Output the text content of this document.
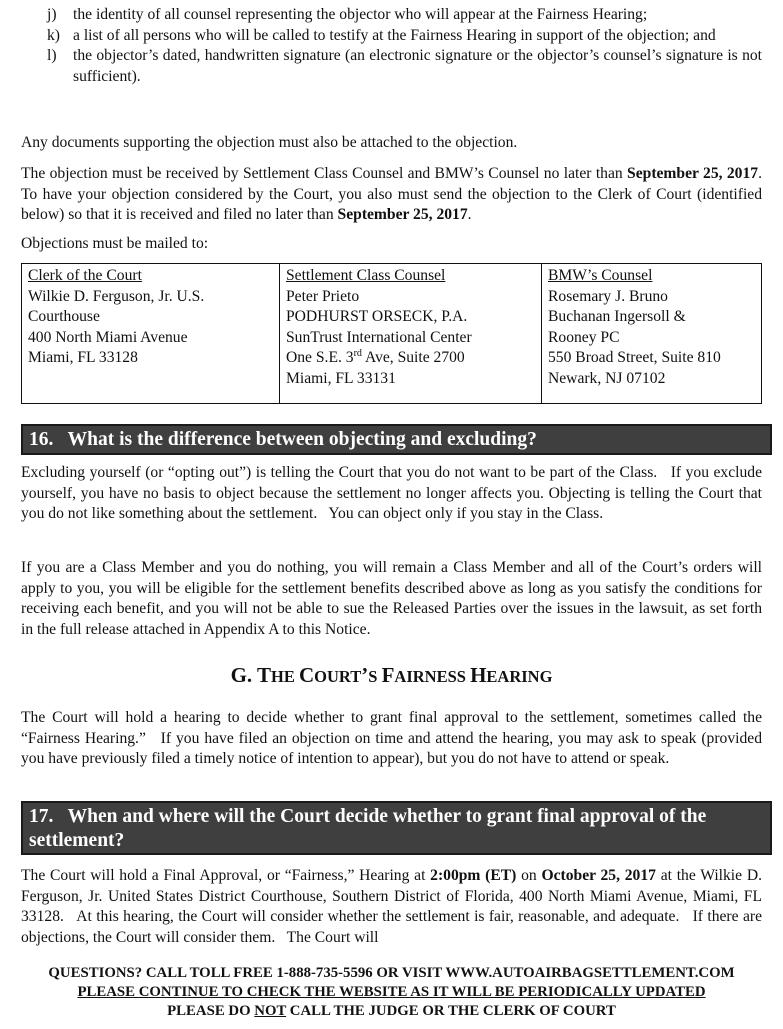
j) the identity of all counsel representing the objector who will appear at the Fairness Hearing;
k) a list of all persons who will be called to testify at the Fairness Hearing in support of the objection; and
l) the objector’s dated, handwritten signature (an electronic signature or the objector’s counsel’s signature is not sufficient).

Any documents supporting the objection must also be attached to the objection.

The objection must be received by Settlement Class Counsel and BMW’s Counsel no later than September 25, 2017. To have your objection considered by the Court, you also must send the objection to the Clerk of Court (identified below) so that it is received and filed no later than September 25, 2017.

Objections must be mailed to:

Clerk of the Court
Wilkie D. Ferguson, Jr. U.S.
Courthouse
400 North Miami Avenue
Miami, FL 33128
Settlement Class Counsel
Peter Prieto
PODHURST ORSECK, P.A.
SunTrust International Center
One S.E. 3rd Ave, Suite 2700
Miami, FL 33131
BMW’s Counsel
Rosemary J. Bruno
Buchanan Ingersoll &
Rooney PC
550 Broad Street, Suite 810
Newark, NJ 07102
16.   What is the difference between objecting and excluding?

Excluding yourself (or “opting out”) is telling the Court that you do not want to be part of the Class.   If you exclude yourself, you have no basis to object because the settlement no longer affects you. Objecting is telling the Court that you do not like something about the settlement.   You can object only if you stay in the Class.

If you are a Class Member and you do nothing, you will remain a Class Member and all of the Court’s orders will apply to you, you will be eligible for the settlement benefits described above as long as you satisfy the conditions for receiving each benefit, and you will not be able to sue the Released Parties over the issues in the lawsuit, as set forth in the full release attached in Appendix A to this Notice.

G. THE COURT’S FAIRNESS HEARING

The Court will hold a hearing to decide whether to grant final approval to the settlement, sometimes called the “Fairness Hearing.”   If you have filed an objection on time and attend the hearing, you may ask to speak (provided you have previously filed a timely notice of intention to appear), but you do not have to attend or speak.

17.   When and where will the Court decide whether to grant final approval of the settlement?

The Court will hold a Final Approval, or “Fairness,” Hearing at 2:00pm (ET) on October 25, 2017 at the Wilkie D. Ferguson, Jr. United States District Courthouse, Southern District of Florida, 400 North Miami Avenue, Miami, FL 33128.   At this hearing, the Court will consider whether the settlement is fair, reasonable, and adequate.   If there are objections, the Court will consider them.   The Court will

QUESTIONS? CALL TOLL FREE 1-888-735-5596 OR VISIT WWW.AUTOAIRBAGSETTLEMENT.COM
PLEASE CONTINUE TO CHECK THE WEBSITE AS IT WILL BE PERIODICALLY UPDATED
PLEASE DO NOT CALL THE JUDGE OR THE CLERK OF COURT
